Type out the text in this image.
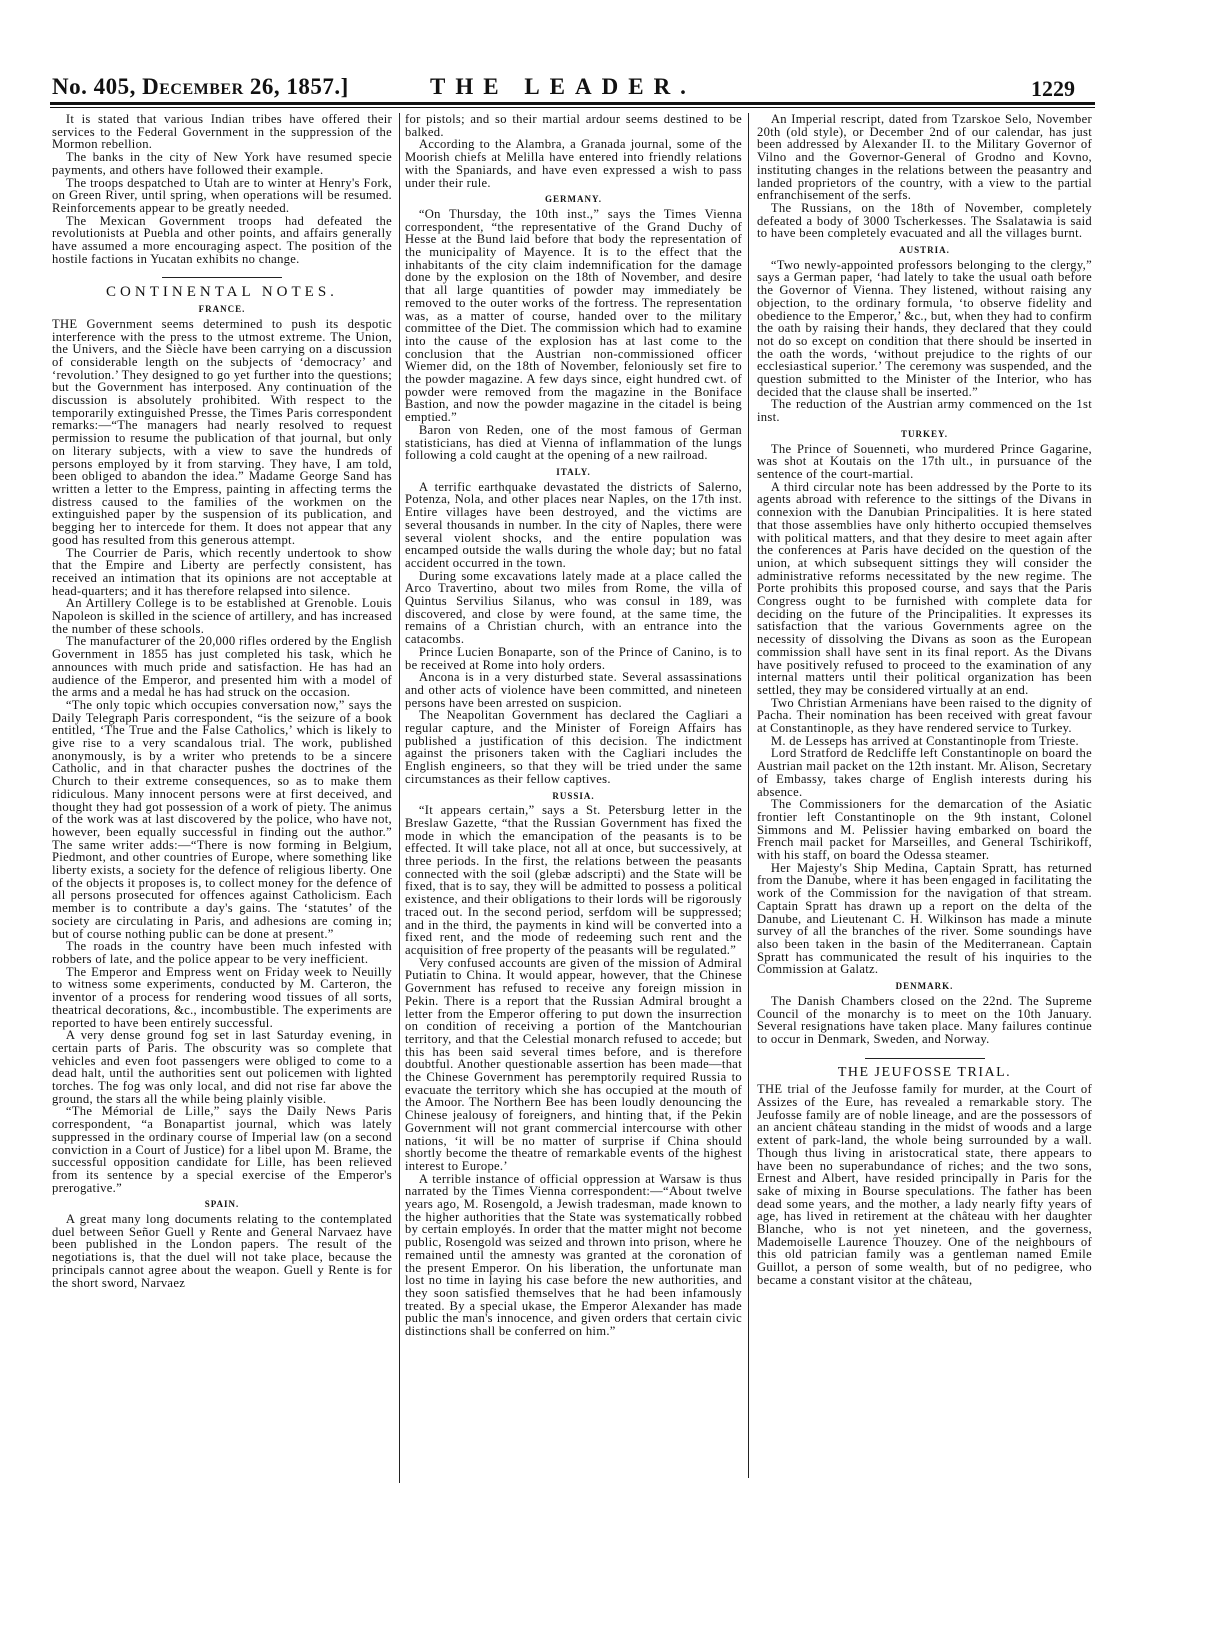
No. 405, December 26, 1857.]	THE LEADER.	1229

It is stated that various Indian tribes have offered their services to the Federal Government in the suppression of the Mormon rebellion.

The banks in the city of New York have resumed specie payments, and others have followed their example.

The troops despatched to Utah are to winter at Henry's Fork, on Green River, until spring, when operations will be resumed. Reinforcements appear to be greatly needed.

The Mexican Government troops had defeated the revolutionists at Puebla and other points, and affairs generally have assumed a more encouraging aspect. The position of the hostile factions in Yucatan exhibits no change.

CONTINENTAL NOTES.
FRANCE.

THE Government seems determined to push its despotic interference with the press to the utmost extreme. The Union, the Univers, and the Siècle have been carrying on a discussion of considerable length on the subjects of ‘democracy’ and ‘revolution.’ They designed to go yet further into the questions; but the Government has interposed. Any continuation of the discussion is absolutely prohibited. With respect to the temporarily extinguished Presse, the Times Paris correspondent remarks:—“The managers had nearly resolved to request permission to resume the publication of that journal, but only on literary subjects, with a view to save the hundreds of persons employed by it from starving. They have, I am told, been obliged to abandon the idea.” Madame George Sand has written a letter to the Empress, painting in affecting terms the distress caused to the families of the workmen on the extinguished paper by the suspension of its publication, and begging her to intercede for them. It does not appear that any good has resulted from this generous attempt.

The Courrier de Paris, which recently undertook to show that the Empire and Liberty are perfectly consistent, has received an intimation that its opinions are not acceptable at head-quarters; and it has therefore relapsed into silence.

An Artillery College is to be established at Grenoble. Louis Napoleon is skilled in the science of artillery, and has increased the number of these schools.

The manufacturer of the 20,000 rifles ordered by the English Government in 1855 has just completed his task, which he announces with much pride and satisfaction. He has had an audience of the Emperor, and presented him with a model of the arms and a medal he has had struck on the occasion.

“The only topic which occupies conversation now,” says the Daily Telegraph Paris correspondent, “is the seizure of a book entitled, ‘The True and the False Catholics,’ which is likely to give rise to a very scandalous trial. The work, published anonymously, is by a writer who pretends to be a sincere Catholic, and in that character pushes the doctrines of the Church to their extreme consequences, so as to make them ridiculous. Many innocent persons were at first deceived, and thought they had got possession of a work of piety. The animus of the work was at last discovered by the police, who have not, however, been equally successful in finding out the author.” The same writer adds:—“There is now forming in Belgium, Piedmont, and other countries of Europe, where something like liberty exists, a society for the defence of religious liberty. One of the objects it proposes is, to collect money for the defence of all persons prosecuted for offences against Catholicism. Each member is to contribute a day's gains. The ‘statutes’ of the society are circulating in Paris, and adhesions are coming in; but of course nothing public can be done at present.”

The roads in the country have been much infested with robbers of late, and the police appear to be very inefficient.

The Emperor and Empress went on Friday week to Neuilly to witness some experiments, conducted by M. Carteron, the inventor of a process for rendering wood tissues of all sorts, theatrical decorations, &c., incombustible. The experiments are reported to have been entirely successful.

A very dense ground fog set in last Saturday evening, in certain parts of Paris. The obscurity was so complete that vehicles and even foot passengers were obliged to come to a dead halt, until the authorities sent out policemen with lighted torches. The fog was only local, and did not rise far above the ground, the stars all the while being plainly visible.

“The Mémorial de Lille,” says the Daily News Paris correspondent, “a Bonapartist journal, which was lately suppressed in the ordinary course of Imperial law (on a second conviction in a Court of Justice) for a libel upon M. Brame, the successful opposition candidate for Lille, has been relieved from its sentence by a special exercise of the Emperor's prerogative.”

SPAIN.

A great many long documents relating to the contemplated duel between Señor Guell y Rente and General Narvaez have been published in the London papers. The result of the negotiations is, that the duel will not take place, because the principals cannot agree about the weapon. Guell y Rente is for the short sword, Narvaez

for pistols; and so their martial ardour seems destined to be balked.

According to the Alambra, a Granada journal, some of the Moorish chiefs at Melilla have entered into friendly relations with the Spaniards, and have even expressed a wish to pass under their rule.

GERMANY.

“On Thursday, the 10th inst.,” says the Times Vienna correspondent, “the representative of the Grand Duchy of Hesse at the Bund laid before that body the representation of the municipality of Mayence. It is to the effect that the inhabitants of the city claim indemnification for the damage done by the explosion on the 18th of November, and desire that all large quantities of powder may immediately be removed to the outer works of the fortress. The representation was, as a matter of course, handed over to the military committee of the Diet. The commission which had to examine into the cause of the explosion has at last come to the conclusion that the Austrian non-commissioned officer Wiemer did, on the 18th of November, feloniously set fire to the powder magazine. A few days since, eight hundred cwt. of powder were removed from the magazine in the Boniface Bastion, and now the powder magazine in the citadel is being emptied.”

Baron von Reden, one of the most famous of German statisticians, has died at Vienna of inflammation of the lungs following a cold caught at the opening of a new railroad.

ITALY.

A terrific earthquake devastated the districts of Salerno, Potenza, Nola, and other places near Naples, on the 17th inst. Entire villages have been destroyed, and the victims are several thousands in number. In the city of Naples, there were several violent shocks, and the entire population was encamped outside the walls during the whole day; but no fatal accident occurred in the town.

During some excavations lately made at a place called the Arco Travertino, about two miles from Rome, the villa of Quintus Servilius Silanus, who was consul in 189, was discovered, and close by were found, at the same time, the remains of a Christian church, with an entrance into the catacombs.

Prince Lucien Bonaparte, son of the Prince of Canino, is to be received at Rome into holy orders.

Ancona is in a very disturbed state. Several assassinations and other acts of violence have been committed, and nineteen persons have been arrested on suspicion.

The Neapolitan Government has declared the Cagliari a regular capture, and the Minister of Foreign Affairs has published a justification of this decision. The indictment against the prisoners taken with the Cagliari includes the English engineers, so that they will be tried under the same circumstances as their fellow captives.

RUSSIA.

“It appears certain,” says a St. Petersburg letter in the Breslaw Gazette, “that the Russian Government has fixed the mode in which the emancipation of the peasants is to be effected. It will take place, not all at once, but successively, at three periods. In the first, the relations between the peasants connected with the soil (glebæ adscripti) and the State will be fixed, that is to say, they will be admitted to possess a political existence, and their obligations to their lords will be rigorously traced out. In the second period, serfdom will be suppressed; and in the third, the payments in kind will be converted into a fixed rent, and the mode of redeeming such rent and the acquisition of free property of the peasants will be regulated.”

Very confused accounts are given of the mission of Admiral Putiatin to China. It would appear, however, that the Chinese Government has refused to receive any foreign mission in Pekin. There is a report that the Russian Admiral brought a letter from the Emperor offering to put down the insurrection on condition of receiving a portion of the Mantchourian territory, and that the Celestial monarch refused to accede; but this has been said several times before, and is therefore doubtful. Another questionable assertion has been made—that the Chinese Government has peremptorily required Russia to evacuate the territory which she has occupied at the mouth of the Amoor. The Northern Bee has been loudly denouncing the Chinese jealousy of foreigners, and hinting that, if the Pekin Government will not grant commercial intercourse with other nations, ‘it will be no matter of surprise if China should shortly become the theatre of remarkable events of the highest interest to Europe.’

A terrible instance of official oppression at Warsaw is thus narrated by the Times Vienna correspondent:—“About twelve years ago, M. Rosengold, a Jewish tradesman, made known to the higher authorities that the State was systematically robbed by certain employés. In order that the matter might not become public, Rosengold was seized and thrown into prison, where he remained until the amnesty was granted at the coronation of the present Emperor. On his liberation, the unfortunate man lost no time in laying his case before the new authorities, and they soon satisfied themselves that he had been infamously treated. By a special ukase, the Emperor Alexander has made public the man's innocence, and given orders that certain civic distinctions shall be conferred on him.”

An Imperial rescript, dated from Tzarskoe Selo, November 20th (old style), or December 2nd of our calendar, has just been addressed by Alexander II. to the Military Governor of Vilno and the Governor-General of Grodno and Kovno, instituting changes in the relations between the peasantry and landed proprietors of the country, with a view to the partial enfranchisement of the serfs.

The Russians, on the 18th of November, completely defeated a body of 3000 Tscherkesses. The Ssalatawia is said to have been completely evacuated and all the villages burnt.

AUSTRIA.

“Two newly-appointed professors belonging to the clergy,” says a German paper, ‘had lately to take the usual oath before the Governor of Vienna. They listened, without raising any objection, to the ordinary formula, ‘to observe fidelity and obedience to the Emperor,’ &c., but, when they had to confirm the oath by raising their hands, they declared that they could not do so except on condition that there should be inserted in the oath the words, ‘without prejudice to the rights of our ecclesiastical superior.’ The ceremony was suspended, and the question submitted to the Minister of the Interior, who has decided that the clause shall be inserted.”

The reduction of the Austrian army commenced on the 1st inst.

TURKEY.

The Prince of Souenneti, who murdered Prince Gagarine, was shot at Koutais on the 17th ult., in pursuance of the sentence of the court-martial.

A third circular note has been addressed by the Porte to its agents abroad with reference to the sittings of the Divans in connexion with the Danubian Principalities. It is here stated that those assemblies have only hitherto occupied themselves with political matters, and that they desire to meet again after the conferences at Paris have decided on the question of the union, at which subsequent sittings they will consider the administrative reforms necessitated by the new regime. The Porte prohibits this proposed course, and says that the Paris Congress ought to be furnished with complete data for deciding on the future of the Principalities. It expresses its satisfaction that the various Governments agree on the necessity of dissolving the Divans as soon as the European commission shall have sent in its final report. As the Divans have positively refused to proceed to the examination of any internal matters until their political organization has been settled, they may be considered virtually at an end.

Two Christian Armenians have been raised to the dignity of Pacha. Their nomination has been received with great favour at Constantinople, as they have rendered service to Turkey.

M. de Lesseps has arrived at Constantinople from Trieste.

Lord Stratford de Redcliffe left Constantinople on board the Austrian mail packet on the 12th instant. Mr. Alison, Secretary of Embassy, takes charge of English interests during his absence.

The Commissioners for the demarcation of the Asiatic frontier left Constantinople on the 9th instant, Colonel Simmons and M. Pelissier having embarked on board the French mail packet for Marseilles, and General Tschirikoff, with his staff, on board the Odessa steamer.

Her Majesty's Ship Medina, Captain Spratt, has returned from the Danube, where it has been engaged in facilitating the work of the Commission for the navigation of that stream. Captain Spratt has drawn up a report on the delta of the Danube, and Lieutenant C. H. Wilkinson has made a minute survey of all the branches of the river. Some soundings have also been taken in the basin of the Mediterranean. Captain Spratt has communicated the result of his inquiries to the Commission at Galatz.

DENMARK.

The Danish Chambers closed on the 22nd. The Supreme Council of the monarchy is to meet on the 10th January. Several resignations have taken place. Many failures continue to occur in Denmark, Sweden, and Norway.

THE JEUFOSSE TRIAL.

THE trial of the Jeufosse family for murder, at the Court of Assizes of the Eure, has revealed a remarkable story. The Jeufosse family are of noble lineage, and are the possessors of an ancient château standing in the midst of woods and a large extent of park-land, the whole being surrounded by a wall. Though thus living in aristocratical state, there appears to have been no superabundance of riches; and the two sons, Ernest and Albert, have resided principally in Paris for the sake of mixing in Bourse speculations. The father has been dead some years, and the mother, a lady nearly fifty years of age, has lived in retirement at the château with her daughter Blanche, who is not yet nineteen, and the governess, Mademoiselle Laurence Thouzey. One of the neighbours of this old patrician family was a gentleman named Emile Guillot, a person of some wealth, but of no pedigree, who became a constant visitor at the château,
